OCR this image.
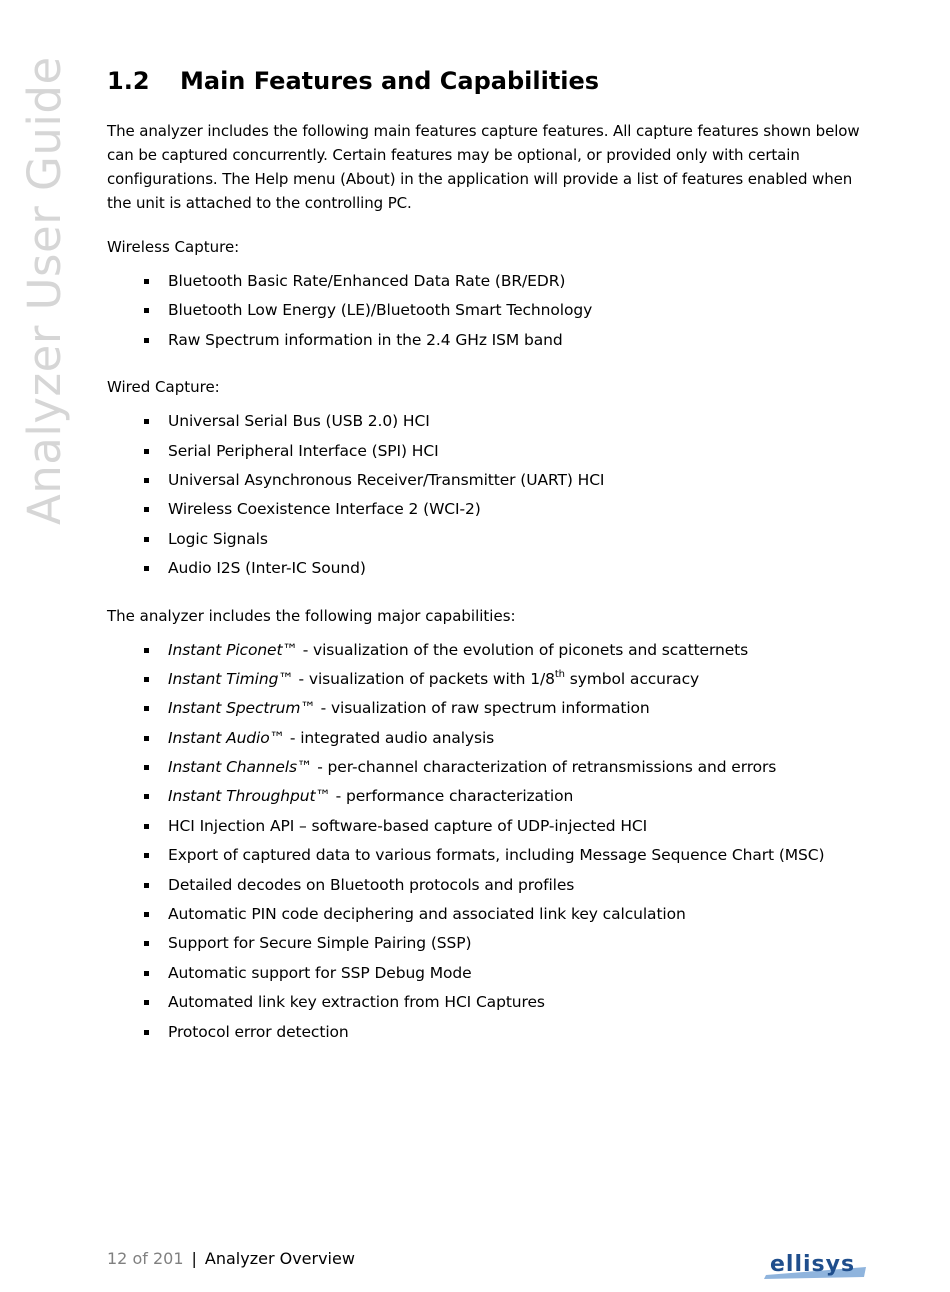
Analyzer User Guide 1.2 Main Features and Capabilities

The analyzer includes the following main features capture features. All capture features shown below can be captured concurrently. Certain features may be optional, or provided only with certain configurations. The Help menu (About) in the application will provide a list of features enabled when the unit is attached to the controlling PC.

Wireless Capture:

Bluetooth Basic Rate/Enhanced Data Rate (BR/EDR)
Bluetooth Low Energy (LE)/Bluetooth Smart Technology
Raw Spectrum information in the 2.4 GHz ISM band

Wired Capture:

Universal Serial Bus (USB 2.0) HCI
Serial Peripheral Interface (SPI) HCI
Universal Asynchronous Receiver/Transmitter (UART) HCI
Wireless Coexistence Interface 2 (WCI-2)
Logic Signals
Audio I2S (Inter-IC Sound)

The analyzer includes the following major capabilities:

Instant Piconet™ - visualization of the evolution of piconets and scatternets
Instant Timing™ - visualization of packets with 1/8th symbol accuracy
Instant Spectrum™ - visualization of raw spectrum information
Instant Audio™ - integrated audio analysis
Instant Channels™ - per-channel characterization of retransmissions and errors
Instant Throughput™ - performance characterization
HCI Injection API – software-based capture of UDP-injected HCI
Export of captured data to various formats, including Message Sequence Chart (MSC)
Detailed decodes on Bluetooth protocols and profiles
Automatic PIN code deciphering and associated link key calculation
Support for Secure Simple Pairing (SSP)
Automatic support for SSP Debug Mode
Automated link key extraction from HCI Captures
Protocol error detection
12 of 201 | Analyzer Overview	ellisys
